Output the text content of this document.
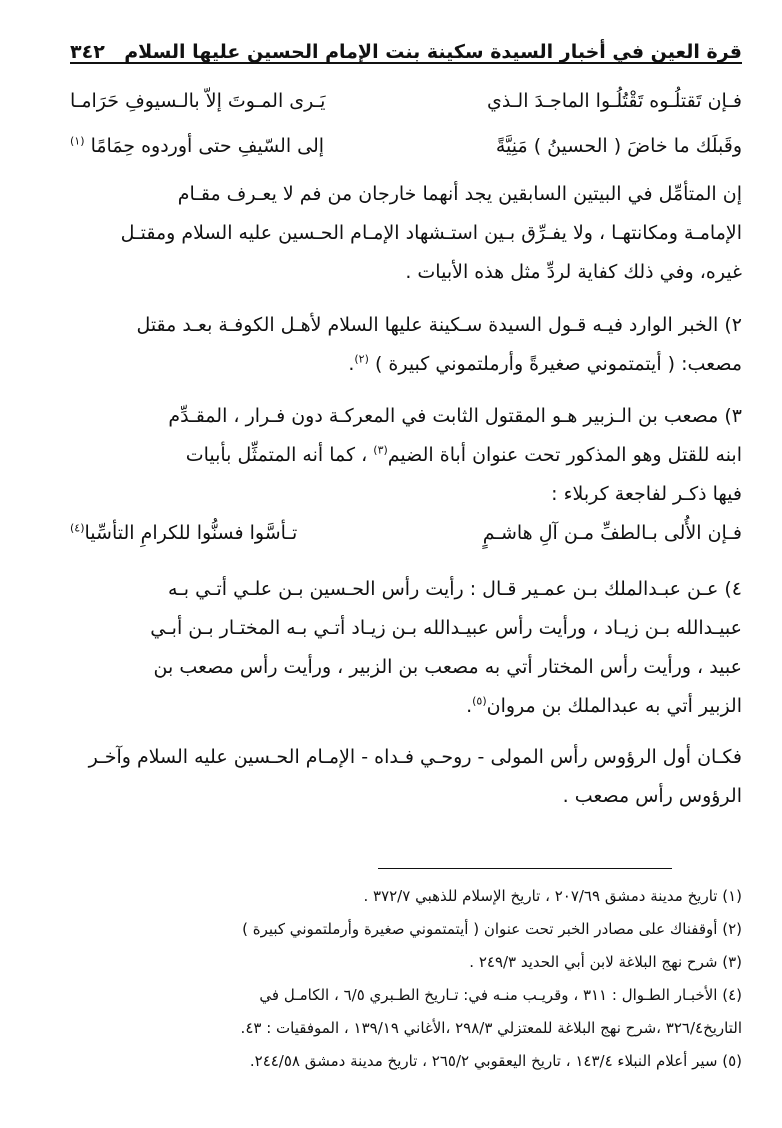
قرة العين في أخبار السيدة سكينة بنت الإمام الحسين عليها السلام
٣٤٢
فـإن تَقتلُـوه تَقْتُلُـوا الماجـدَ الـذي
يَـرى المـوتَ إلاّ بالـسيوفِ حَرَامـا
وقَبلَك ما خاضَ ( الحسينُ ) مَنِيَّةً
إلى السّيفِ حتى أوردوه حِمَامًا $^{(١)}$
إن المتأمِّل في البيتين السابقين يجد أنهما خارجان من فم لا يعـرف مقـام
الإمامـة ومكانتهـا ، ولا يفـرِّق بـين استـشهاد الإمـام الحـسين عليه السلام ومقتـل
غيره، وفي ذلك كفاية لردِّ مثل هذه الأبيات .
٢) الخبر الوارد فيـه قـول السيدة سـكينة عليها السلام لأهـل الكوفـة بعـد مقتل
مصعب: ( أيتمتموني صغيرةً وأرملتموني كبيرة ) $^{(٢)}$.
٣) مصعب بن الـزبير هـو المقتول الثابت في المعركـة دون فـرار ، المقـدِّم
ابنه للقتل وهو المذكور تحت عنوان أباة الضيم$^{(٣)}$ ، كما أنه المتمثِّل بأبيات
فيها ذكـر لفاجعة كربلاء :
فـإن الأُلى بـالطفِّ مـن آلِ هاشـمٍ
تـأسَّوا فسنُّوا للكرامِ التأسِّيا$^{(٤)}$
٤) عـن عبـدالملك بـن عمـير قـال : رأيت رأس الحـسين بـن علـي أتـي بـه
عبيـدالله بـن زيـاد ، ورأيت رأس عبيـدالله بـن زيـاد أتـي بـه المختـار بـن أبـي
عبيد ، ورأيت رأس المختار أتي به مصعب بن الزبير ، ورأيت رأس مصعب بن
الزبير أتي به عبدالملك بن مروان$^{(٥)}$.
فكـان أول الرؤوس رأس المولى - روحـي فـداه - الإمـام الحـسين عليه السلام وآخـر
الرؤوس رأس مصعب .
(١) تاريخ مدينة دمشق ٢٠٧/٦٩ ، تاريخ الإسلام للذهبي ٣٧٢/٧ .
(٢) أوقفناك على مصادر الخبر تحت عنوان ( أيتمتموني صغيرة وأرملتموني كبيرة )
(٣) شرح نهج البلاغة لابن أبي الحديد ٢٤٩/٣ .
(٤) الأخبـار الطـوال : ٣١١ ، وقريـب منـه في: تـاريخ الطـبري ٦/٥ ، الكامـل في
التاريخ٣٢٦/٤ ،شرح نهج البلاغة للمعتزلي ٢٩٨/٣ ،الأغاني ١٣٩/١٩ ، الموفقيات : ٤٣.
(٥) سير أعلام النبلاء ١٤٣/٤ ، تاريخ اليعقوبي ٢٦٥/٢ ، تاريخ مدينة دمشق ٢٤٤/٥٨.
